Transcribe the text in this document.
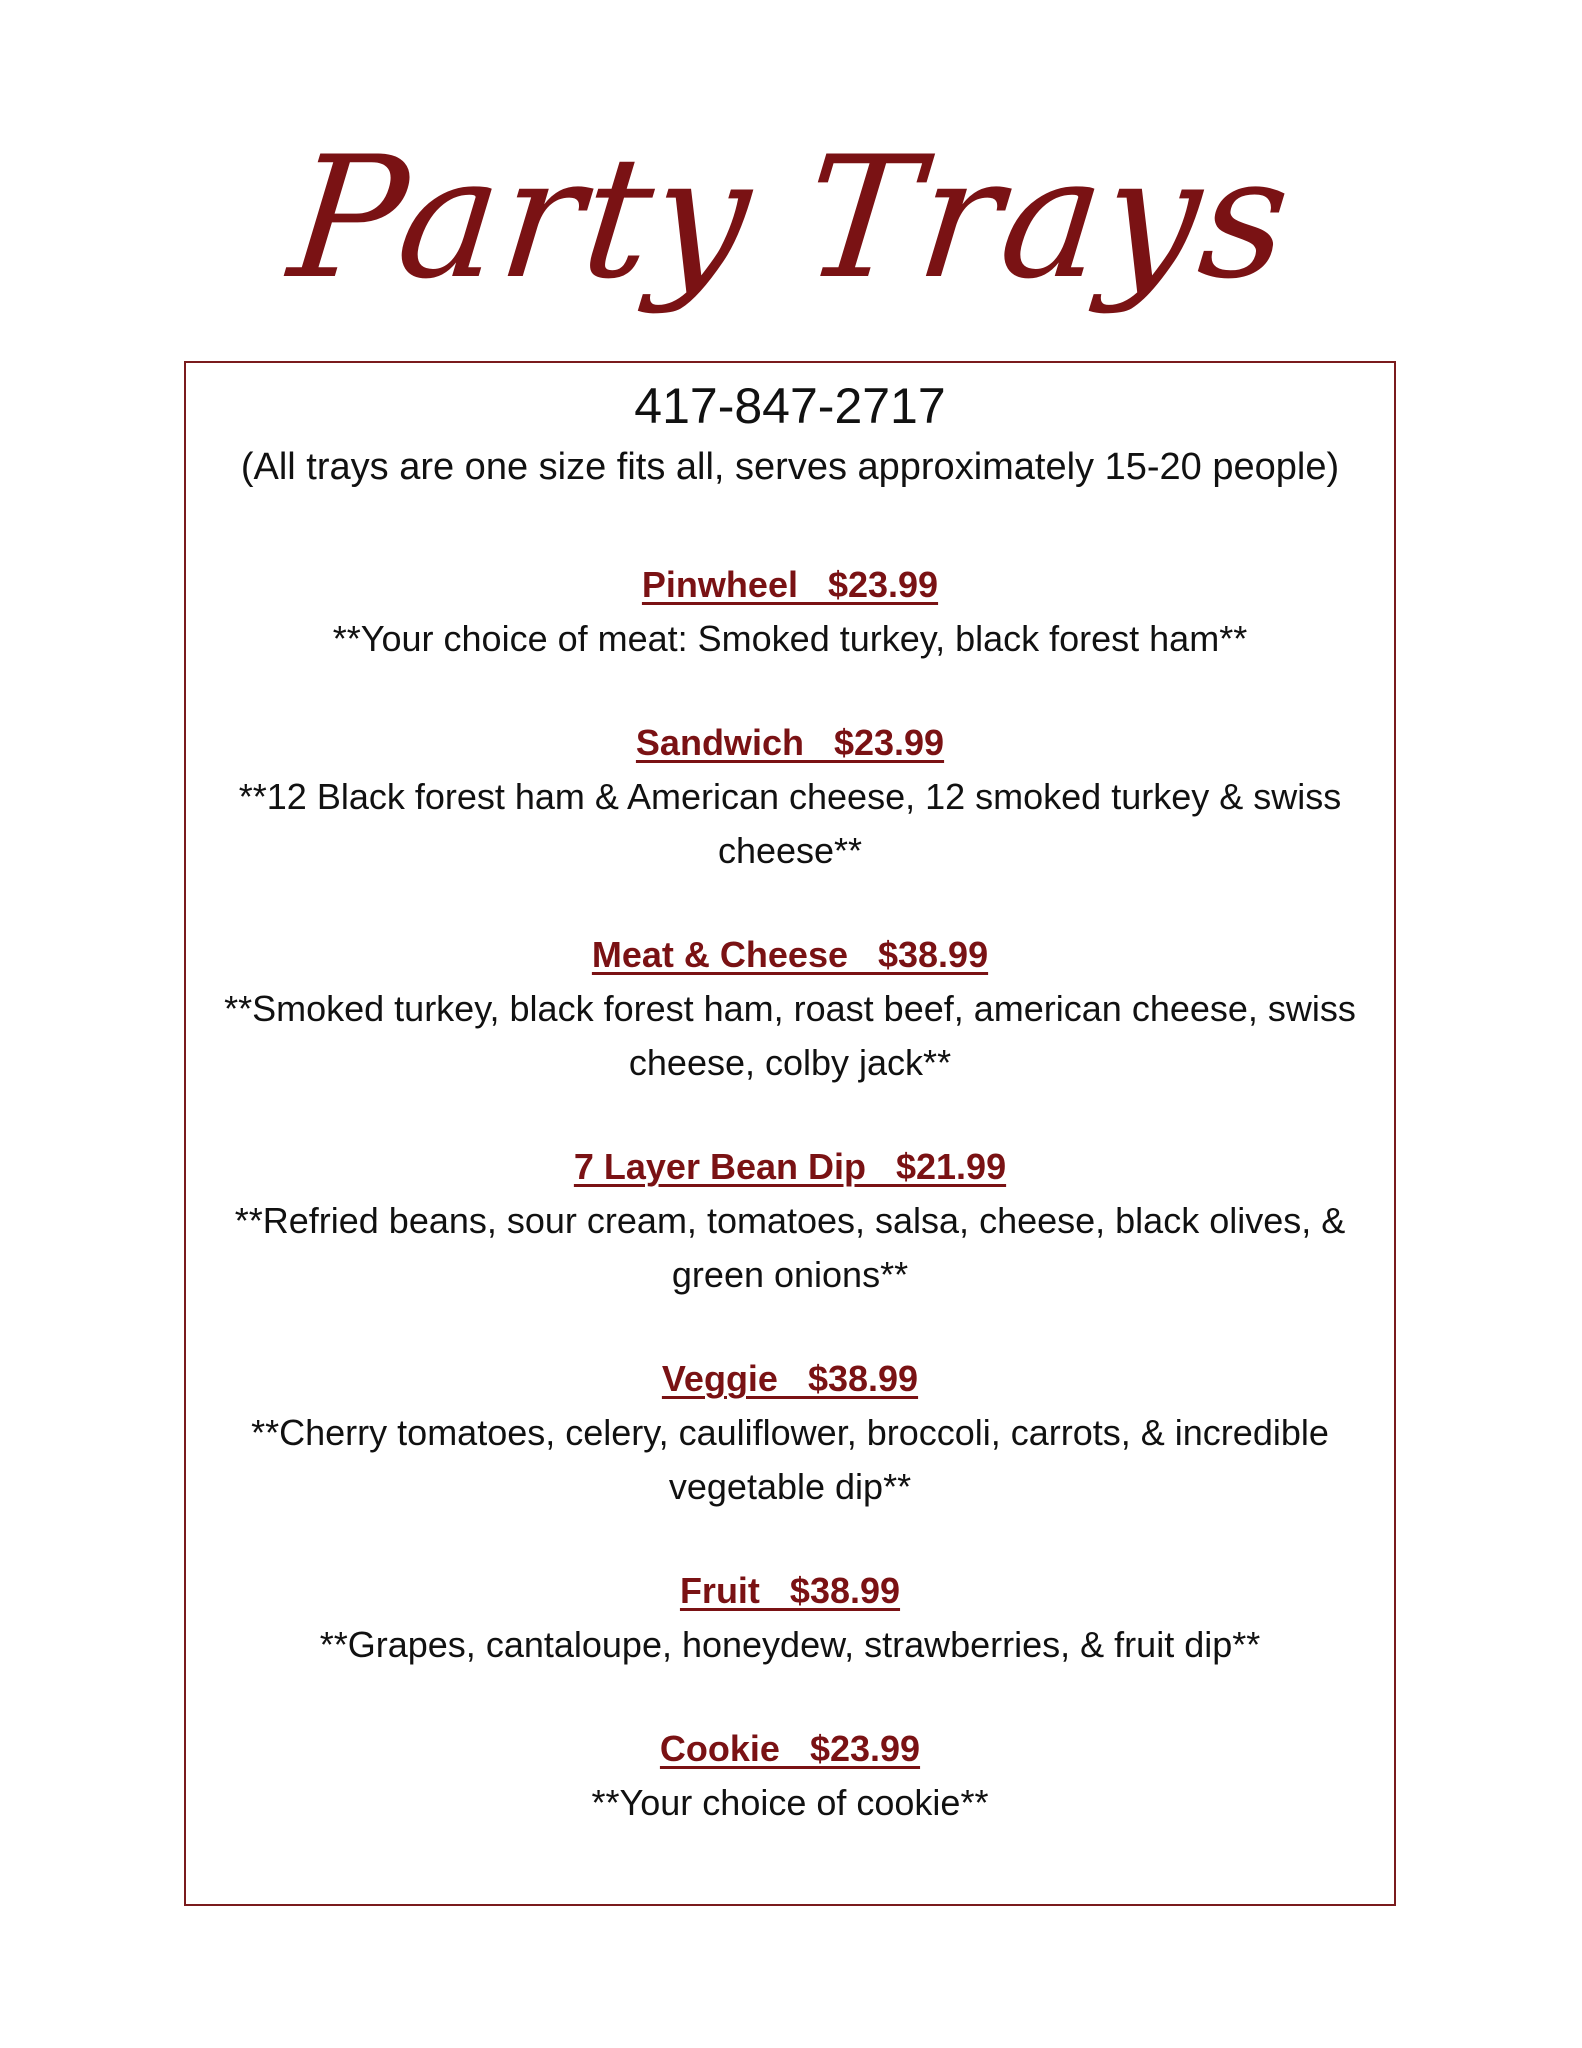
Party Trays
417-847-2717
(All trays are one size fits all, serves approximately 15-20 people)
Pinwheel   $23.99
**Your choice of meat: Smoked turkey, black forest ham**
Sandwich   $23.99
**12 Black forest ham & American cheese, 12 smoked turkey & swiss cheese**
Meat & Cheese   $38.99
**Smoked turkey, black forest ham, roast beef, american cheese, swiss cheese, colby jack**
7 Layer Bean Dip   $21.99
**Refried beans, sour cream, tomatoes, salsa, cheese, black olives, & green onions**
Veggie   $38.99
**Cherry tomatoes, celery, cauliflower, broccoli, carrots, & incredible vegetable dip**
Fruit   $38.99
**Grapes, cantaloupe, honeydew, strawberries, & fruit dip**
Cookie   $23.99
**Your choice of cookie**
